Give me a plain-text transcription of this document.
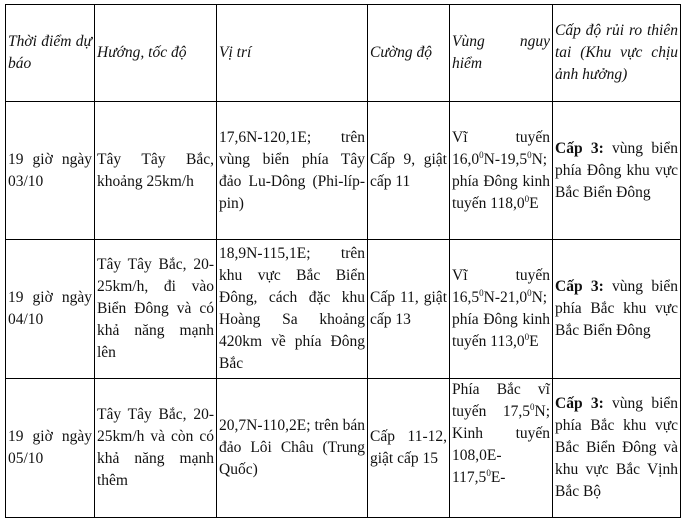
Thời điểm dự báo	Hướng, tốc độ	Vị trí	Cường độ	Vùng nguy hiểm	Cấp độ rủi ro thiên tai (Khu vực chịu ảnh hưởng)
19 giờ ngày 03/10	Tây Tây Bắc, khoảng 25km/h	17,6N-120,1E; trên vùng biển phía Tây đảo Lu-Dông (Phi-líp-pin)	Cấp 9, giật cấp 11	Vĩ tuyến 16,0$^0$N-19,5$^0$N; phía Đông kinh tuyến 118,0$^0$E	Cấp 3: vùng biển phía Đông khu vực Bắc Biển Đông
19 giờ ngày 04/10	Tây Tây Bắc, 20-25km/h, đi vào Biển Đông và có khả năng mạnh lên	18,9N-115,1E; trên khu vực Bắc Biển Đông, cách đặc khu Hoàng Sa khoảng 420km về phía Đông Bắc	Cấp 11, giật cấp 13	Vĩ tuyến 16,5$^0$N-21,0$^0$N; phía Đông kinh tuyến 113,0$^0$E	Cấp 3: vùng biển phía Bắc khu vực Bắc Biển Đông
19 giờ ngày 05/10	Tây Tây Bắc, 20-25km/h và còn có khả năng mạnh thêm	20,7N-110,2E; trên bán đảo Lôi Châu (Trung Quốc)	Cấp 11-12, giật cấp 15	Phía Bắc vĩ tuyến 17,5$^0$N; Kinh tuyến 108,0E-117,5$^0$E-	Cấp 3: vùng biển phía Bắc khu vực Bắc Biển Đông và khu vực Bắc Vịnh Bắc Bộ
